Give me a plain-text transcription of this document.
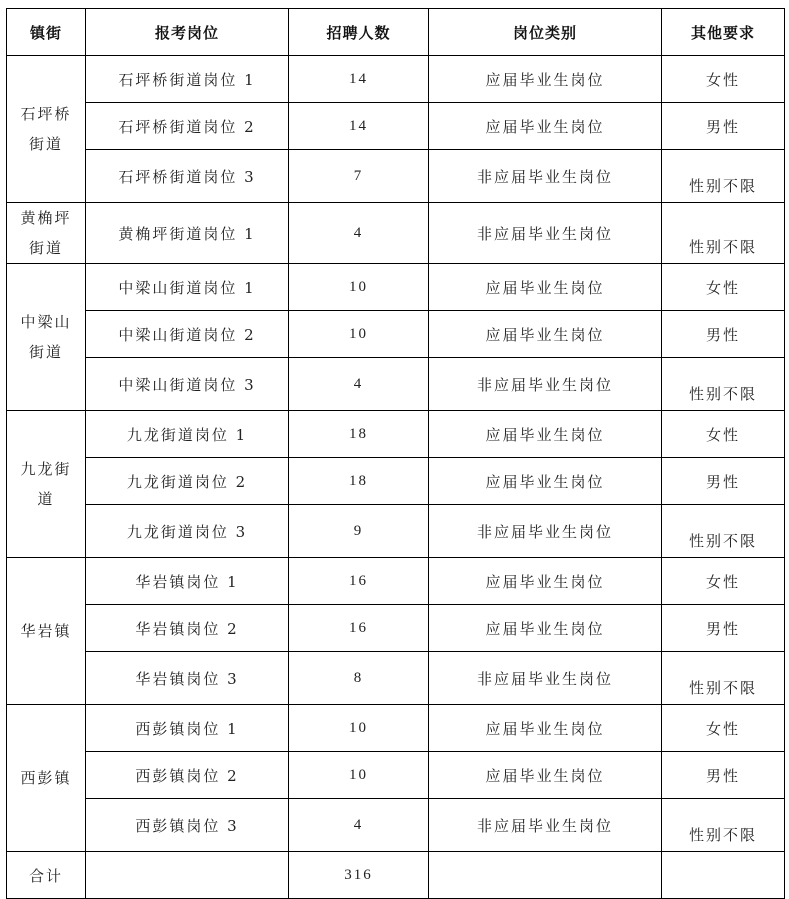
镇街	报考岗位	招聘人数	岗位类别	其他要求
石坪桥街道	石坪桥街道岗位 1	14	应届毕业生岗位	女性
	石坪桥街道岗位 2	14	应届毕业生岗位	男性
	石坪桥街道岗位 3	7	非应届毕业生岗位	性别不限
黄桷坪街道	黄桷坪街道岗位 1	4	非应届毕业生岗位	性别不限
中梁山街道	中梁山街道岗位 1	10	应届毕业生岗位	女性
	中梁山街道岗位 2	10	应届毕业生岗位	男性
	中梁山街道岗位 3	4	非应届毕业生岗位	性别不限
九龙街道	九龙街道岗位 1	18	应届毕业生岗位	女性
	九龙街道岗位 2	18	应届毕业生岗位	男性
	九龙街道岗位 3	9	非应届毕业生岗位	性别不限
华岩镇	华岩镇岗位 1	16	应届毕业生岗位	女性
	华岩镇岗位 2	16	应届毕业生岗位	男性
	华岩镇岗位 3	8	非应届毕业生岗位	性别不限
西彭镇	西彭镇岗位 1	10	应届毕业生岗位	女性
	西彭镇岗位 2	10	应届毕业生岗位	男性
	西彭镇岗位 3	4	非应届毕业生岗位	性别不限
合计		316		
